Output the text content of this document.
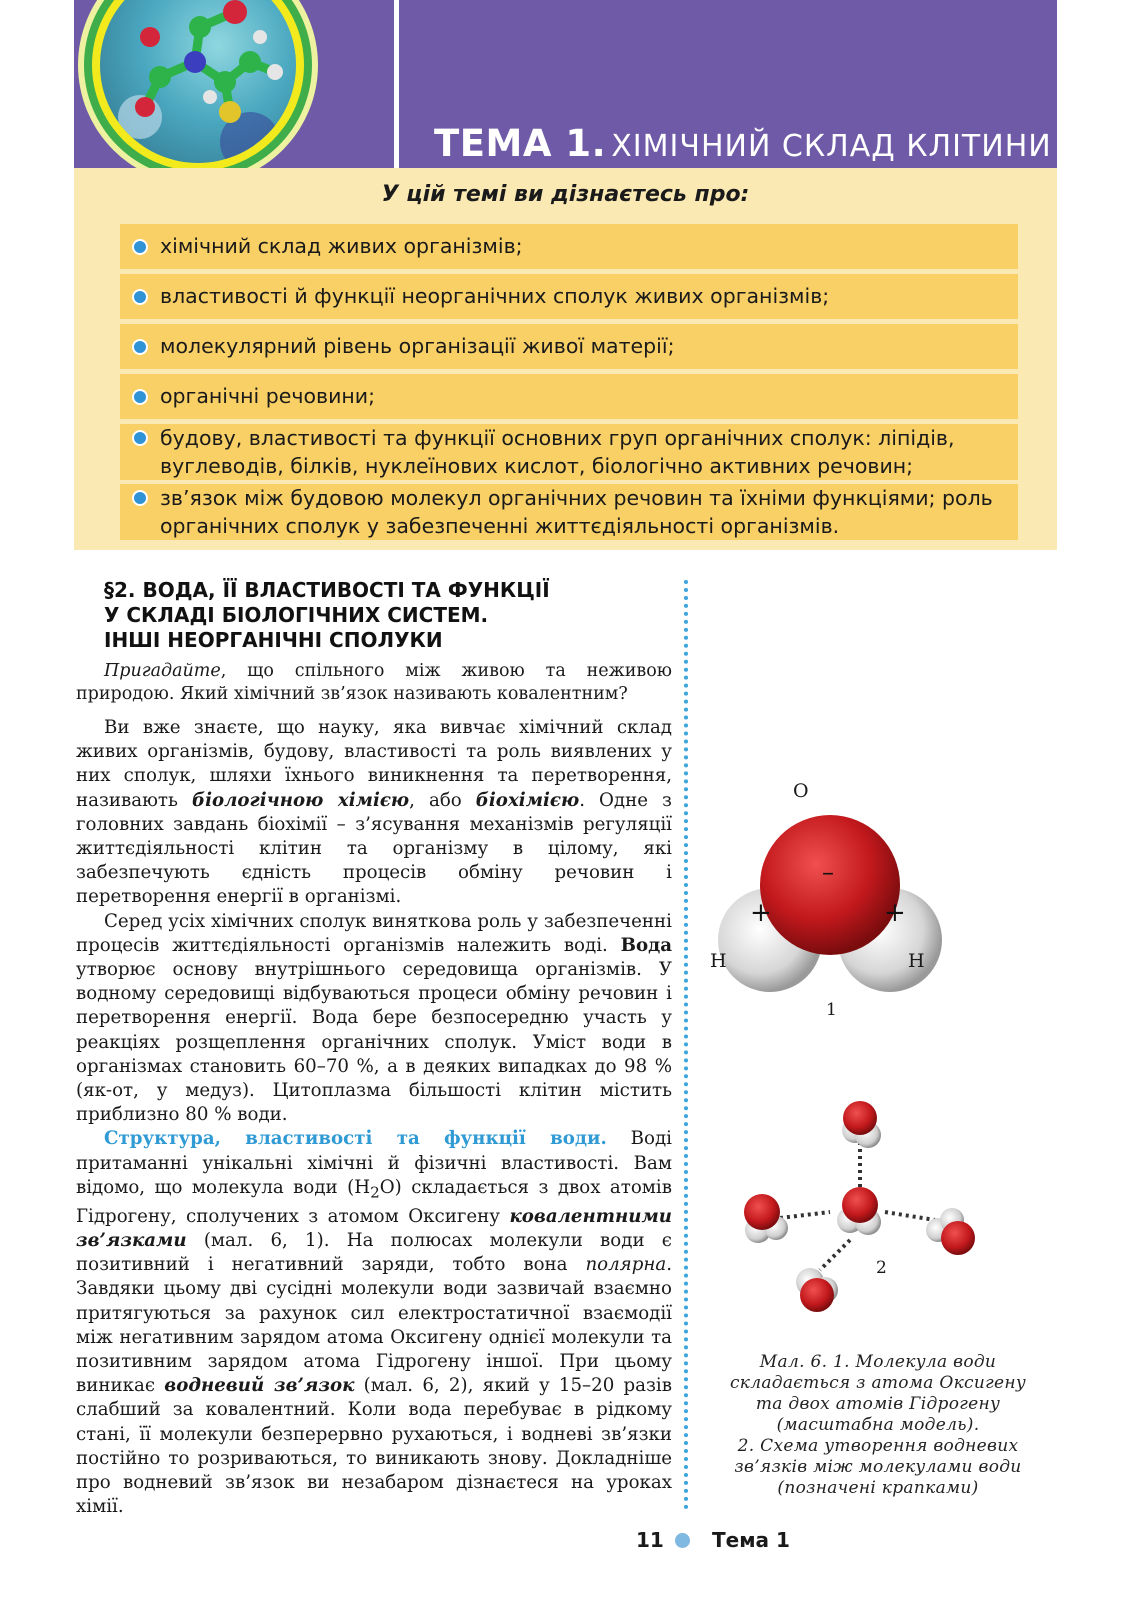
ТЕМА 1. ХІМІЧНИЙ СКЛАД КЛІТИНИ
У цій темі ви дізнаєтесь про:
хімічний склад живих організмів;
властивості й функції неорганічних сполук живих організмів;
молекулярний рівень організації живої матерії;
органічні речовини;
будову, властивості та функції основних груп органічних сполук: ліпідів, вуглеводів, білків, нуклеїнових кислот, біологічно активних речовин;
зв’язок між будовою молекул органічних речовин та їхніми функціями; роль органічних сполук у забезпеченні життєдіяльності організмів.
§2. ВОДА, ЇЇ ВЛАСТИВОСТІ ТА ФУНКЦІЇ
У СКЛАДІ БІОЛОГІЧНИХ СИСТЕМ.
ІНШІ НЕОРГАНІЧНІ СПОЛУКИ

Пригадайте, що спільного між живою та неживою природою. Який хімічний зв’язок називають ковалентним?

Ви вже знаєте, що науку, яка вивчає хімічний склад живих організмів, будову, властивості та роль виявлених у них сполук, шляхи їхнього виникнення та перетворення, називають біологічною хімією, або біохімією. Одне з головних завдань біохімії – з’ясування механізмів регуляції життєдіяльності клітин та організму в цілому, які забезпечують єдність процесів обміну речовин і перетворення енергії в організмі.

Серед усіх хімічних сполук виняткова роль у забезпеченні процесів життєдіяльності організмів належить воді. Вода утворює основу внутрішнього середовища організмів. У водному середовищі відбуваються процеси обміну речовин і перетворення енергії. Вода бере безпосередню участь у реакціях розщеплення органічних сполук. Уміст води в організмах становить 60–70 %, а в деяких випадках до 98 % (як-от, у медуз). Цитоплазма більшості клітин містить приблизно 80 % води.

Структура, властивості та функції води. Воді притаманні унікальні хімічні й фізичні властивості. Вам відомо, що молекула води $(H_2O)$ складається з двох атомів Гідрогену, сполучених з атомом Оксигену ковалентними зв’язками (мал. 6, 1). На полюсах молекули води є позитивний і негативний заряди, тобто вона полярна. Завдяки цьому дві сусідні молекули води зазвичай взаємно притягуються за рахунок сил електростатичної взаємодії між негативним зарядом атома Оксигену однієї молекули та позитивним зарядом атома Гідрогену іншої. При цьому виникає водневий зв’язок (мал. 6, 2), який у 15–20 разів слабший за ковалентний. Коли вода перебуває в рідкому стані, її молекули безперервно рухаються, і водневі зв’язки постійно то розриваються, то виникають знову. Докладніше про водневий зв’язок ви незабаром дізнаєтеся на уроках хімії.

O
H	H
–
+	+
1
2
Мал. 6. 1. Молекула води
складається з атома Оксигену
та двох атомів Гідрогену
(масштабна модель).
2. Схема утворення водневих
зв’язків між молекулами води
(позначені крапками)
11 Тема 1
